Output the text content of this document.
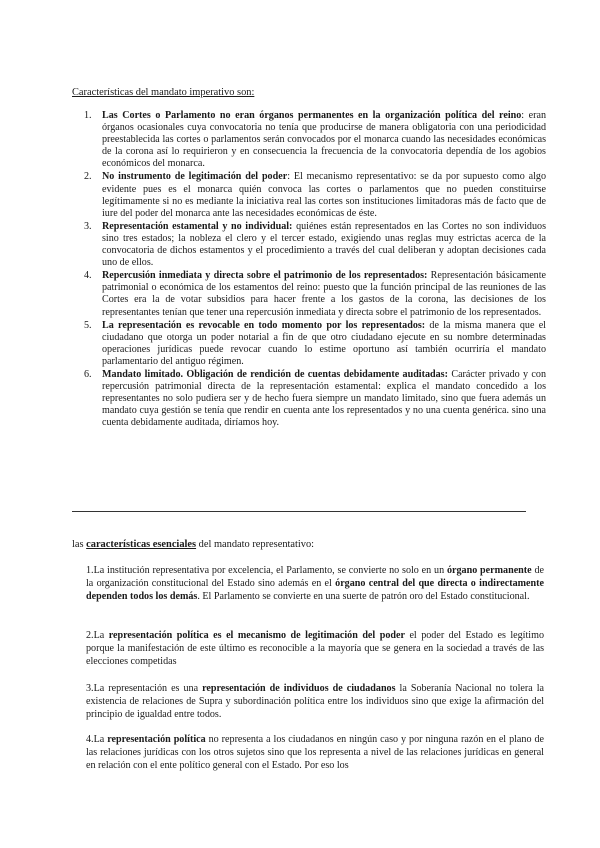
Características del mandato imperativo son:
1. Las Cortes o Parlamento no eran órganos permanentes en la organización política del reino: eran órganos ocasionales cuya convocatoria no tenía que producirse de manera obligatoria con una periodicidad preestablecida las cortes o parlamentos serán convocados por el monarca cuando las necesidades económicas de la corona así lo requirieron y en consecuencia la frecuencia de la convocatoria dependía de los agobios económicos del monarca.
2. No instrumento de legitimación del poder: El mecanismo representativo: se da por supuesto como algo evidente pues es el monarca quién convoca las cortes o parlamentos que no pueden constituirse legítimamente si no es mediante la iniciativa real las cortes son instituciones limitadoras más de facto que de iure del poder del monarca ante las necesidades económicas de éste.
3. Representación estamental y no individual: quiénes están representados en las Cortes no son individuos sino tres estados; la nobleza el clero y el tercer estado, exigiendo unas reglas muy estrictas acerca de la convocatoria de dichos estamentos y el procedimiento a través del cual deliberan y adoptan decisiones cada uno de ellos.
4. Repercusión inmediata y directa sobre el patrimonio de los representados: Representación básicamente patrimonial o económica de los estamentos del reino: puesto que la función principal de las reuniones de las Cortes era la de votar subsidios para hacer frente a los gastos de la corona, las decisiones de los representantes tenían que tener una repercusión inmediata y directa sobre el patrimonio de los representados.
5. La representación es revocable en todo momento por los representados: de la misma manera que el ciudadano que otorga un poder notarial a fin de que otro ciudadano ejecute en su nombre determinadas operaciones jurídicas puede revocar cuando lo estime oportuno así también ocurriría el mandato parlamentario del antiguo régimen.
6. Mandato limitado. Obligación de rendición de cuentas debidamente auditadas: Carácter privado y con repercusión patrimonial directa de la representación estamental: explica el mandato concedido a los representantes no solo pudiera ser y de hecho fuera siempre un mandato limitado, sino que fuera además un mandato cuya gestión se tenía que rendir en cuenta ante los representados y no una cuenta genérica. sino una cuenta debidamente auditada, diríamos hoy.
las características esenciales del mandato representativo:

1.La institución representativa por excelencia, el Parlamento, se convierte no solo en un órgano permanente de la organización constitucional del Estado sino además en el órgano central del que directa o indirectamente dependen todos los demás. El Parlamento se convierte en una suerte de patrón oro del Estado constitucional.

2.La representación política es el mecanismo de legitimación del poder el poder del Estado es legítimo porque la manifestación de este último es reconocible a la mayoría que se genera en la sociedad a través de las elecciones competidas

3.La representación es una representación de individuos de ciudadanos la Soberanía Nacional no tolera la existencia de relaciones de Supra y subordinación política entre los individuos sino que exige la afirmación del principio de igualdad entre todos.

4.La representación política no representa a los ciudadanos en ningún caso y por ninguna razón en el plano de las relaciones jurídicas con los otros sujetos sino que los representa a nivel de las relaciones jurídicas en general en relación con el ente político general con el Estado. Por eso los
